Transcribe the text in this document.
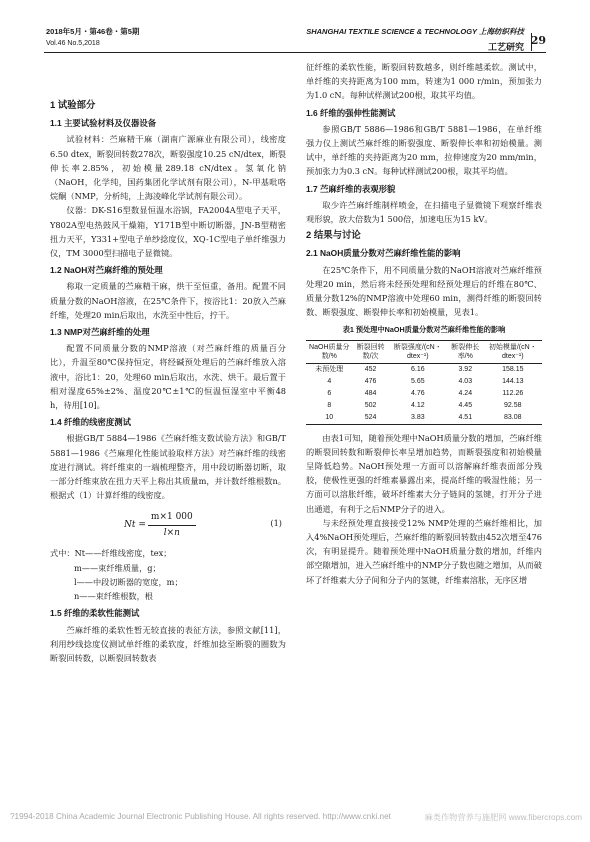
2018年5月・第46卷・第5期
Vol.46 No.5,2018
SHANGHAI TEXTILE SCIENCE & TECHNOLOGY 上海纺织科技
工艺研究
29
1 试验部分
1.1 主要试验材料及仪器设备

试验材料：苎麻精干麻（湖南广源麻业有限公司），线密度6.50 dtex，断裂回转数278次，断裂强度10.25 cN/dtex，断裂伸长率2.85%，初始模量289.18 cN/dtex。氢氧化钠（NaOH，化学纯，国药集团化学试剂有限公司），N-甲基吡咯烷酮（NMP，分析纯，上海凌峰化学试剂有限公司）。

仪器：DK-S16型数显恒温水浴锅，FA2004A型电子天平，Y802A型电热鼓风干燥箱，Y171B型中断切断器，JN-B型精密扭力天平，Y331+型电子单纱捻度仪，XQ-1C型电子单纤维强力仪，TM 3000型扫描电子显微镜。

1.2 NaOH对苎麻纤维的预处理

称取一定质量的苎麻精干麻，烘干至恒重，备用。配置不同质量分数的NaOH溶液，在25℃条件下，按浴比1：20放入苎麻纤维，处理20 min后取出，水洗至中性后，拧干。

1.3 NMP对苎麻纤维的处理

配置不同质量分数的NMP溶液（对苎麻纤维的质量百分比），升温至80℃保持恒定，将经碱预处理后的苎麻纤维放入溶液中，浴比1：20，处理60 min后取出，水洗、烘干。最后置于相对湿度65%±2%、温度20℃±1℃的恒温恒湿室中平衡48 h，待用[10]。

1.4 纤维的线密度测试

根据GB/T 5884—1986《苎麻纤维支数试验方法》和GB/T 5881—1986《苎麻理化性能试验取样方法》对苎麻纤维的线密度进行测试。将纤维束的一端梳理整齐，用中段切断器切断，取一部分纤维束放在扭力天平上称出其质量m，并计数纤维根数n。根据式（1）计算纤维的线密度。

$Nt = \frac{m\times 1 000}{l\times n}$	(1)
式中：Nt——纤维线密度，tex；
m——束纤维质量，g；
l——中段切断器的宽度，m；
n——束纤维根数，根
1.5 纤维的柔软性能测试

苎麻纤维的柔软性暂无较直接的表征方法，参照文献[11]，利用纱线捻度仪测试单纤维的柔软度，纤维加捻至断裂的圈数为断裂回转数，以断裂回转数表

征纤维的柔软性能，断裂回转数越多，则纤维越柔软。测试中，单纤维的夹持距离为100 mm，转速为1 000 r/min，预加张力为1.0 cN。每种试样测试200根，取其平均值。

1.6 纤维的强伸性能测试

参照GB/T 5886—1986和GB/T 5881—1986，在单纤维强力仪上测试苎麻纤维的断裂强度、断裂伸长率和初始模量。测试中，单纤维的夹持距离为20 mm，拉伸速度为20 mm/min，预加张力为0.3 cN。每种试样测试200根，取其平均值。

1.7 苎麻纤维的表观形貌

取少许苎麻纤维制样喷金，在扫描电子显微镜下观察纤维表观形貌，放大倍数为1 500倍，加速电压为15 kV。

2 结果与讨论
2.1 NaOH质量分数对苎麻纤维性能的影响

在25℃条件下，用不同质量分数的NaOH溶液对苎麻纤维预处理20 min，然后将未经预处理和经预处理后的纤维在80℃、质量分数12%的NMP溶液中处理60 min，测得纤维的断裂回转数、断裂强度、断裂伸长率和初始模量，见表1。

表1 预处理中NaOH质量分数对苎麻纤维性能的影响
NaOH质量分数/%	断裂回转数/次	断裂强度/(cN・dtex⁻¹)	断裂伸长率/%	初始模量/(cN・dtex⁻¹)
未预处理	452	6.16	3.92	158.15
4	476	5.65	4.03	144.13
6	484	4.76	4.24	112.26
8	502	4.12	4.45	92.58
10	524	3.83	4.51	83.08

由表1可知，随着预处理中NaOH质量分数的增加，苎麻纤维的断裂回转数和断裂伸长率呈增加趋势，而断裂强度和初始模量呈降低趋势。NaOH预处理一方面可以溶解麻纤维表面部分残胶，使极性更强的纤维素暴露出来，提高纤维的吸湿性能；另一方面可以溶胀纤维，破坏纤维素大分子链间的氢键，打开分子进出通道，有利于之后NMP分子的进入。

与未经预处理直接接受12% NMP处理的苎麻纤维相比，加入4%NaOH预处理后，苎麻纤维的断裂回转数由452次增至476次，有明显提升。随着预处理中NaOH质量分数的增加，纤维内部空隙增加，进入苎麻纤维中的NMP分子数也随之增加，从而破坏了纤维素大分子间和分子内的氢键，纤维素溶胀，无序区增

?1994-2018 China Academic Journal Electronic Publishing House. All rights reserved. http://www.cnki.net	麻类作物营养与施肥网 www.fibercrops.com
